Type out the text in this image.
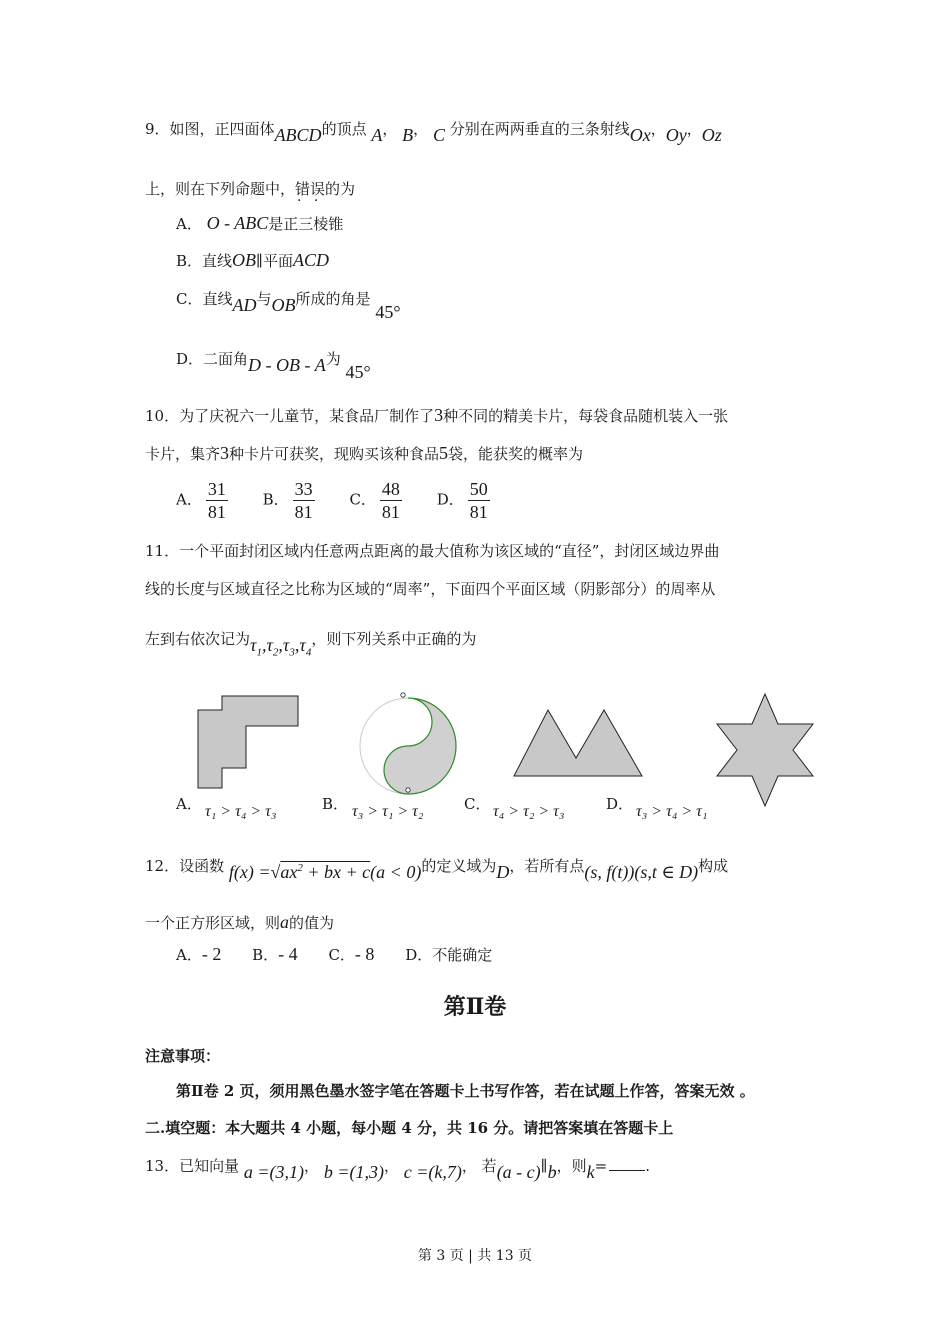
9．如图，正四面体ABCD的顶点 A， B， C 分别在两两垂直的三条射线Ox，Oy，Oz
上，则在下列命题中，错误 · ·的为
A． O - ABC是正三棱锥
B．直线OB∥平面ACD
C．直线AD与OB所成的角是 45°
D．二面角D - OB - A为 45°
10．为了庆祝六一儿童节，某食品厂制作了3种不同的精美卡片，每袋食品随机装入一张
卡片，集齐3种卡片可获奖，现购买该种食品5袋，能获奖的概率为
A． $\frac{31}{81}$ B． $\frac{33}{81}$ C． $\frac{48}{81}$ D． $\frac{50}{81}$
11．一个平面封闭区域内任意两点距离的最大值称为该区域的“直径”，封闭区域边界曲
线的长度与区域直径之比称为区域的“周率”，下面四个平面区域（阴影部分）的周率从
左到右依次记为$\tau_1,\tau_2,\tau_3,\tau_4$，则下列关系中正确的为
A． τ₁ > τ₄ > τ₃	B． τ₃ > τ₁ > τ₂	C． τ₄ > τ₂ > τ₃	D． τ₃ > τ₄ > τ₁
12．设函数 $f(x) =√ax^2$ + bx + c(a < 0)的定义域为D，若所有点(s, f(t))(s,t ∈ D)构成
一个正方形区域，则a的值为
A．- 2 B．- 4 C．- 8 D．不能确定
第Ⅱ卷
注意事项：
第Ⅱ卷 2 页，须用黑色墨水签字笔在答题卡上书写作答，若在试题上作答，答案无效 。
二.填空题：本大题共 4 小题，每小题 4 分，共 16 分。请把答案填在答题卡上
13．已知向量 a =(3,1)， b =(1,3)， c =(k,7)， 若(a - c)∥b，则k=	.
第 3 页 | 共 13 页
